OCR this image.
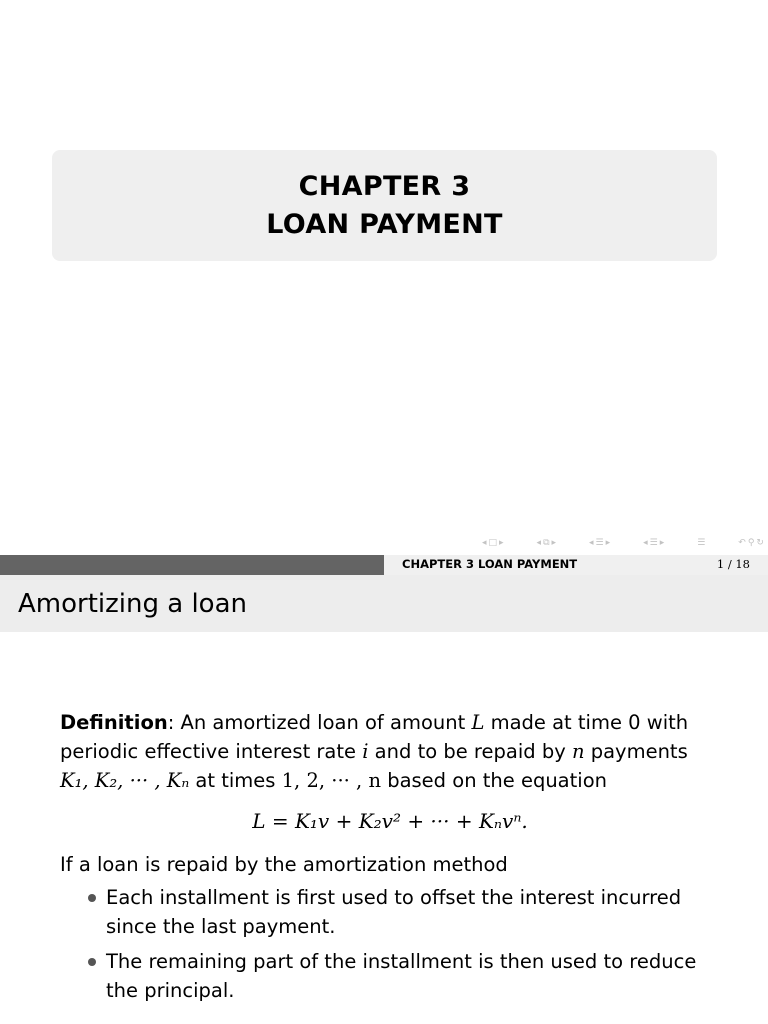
CHAPTER 3
LOAN PAYMENT
◂ □ ▸	◂ ⧉ ▸	◂ ☰ ▸	◂ ☰ ▸	☰	↶ ⚲ ↻
CHAPTER 3 LOAN PAYMENT	1 / 18
Amortizing a loan
Definition: An amortized loan of amount L made at time 0 with periodic effective interest rate i and to be repaid by n payments K₁, K₂, ··· , Kₙ at times 1, 2, ··· , n based on the equation
L = K₁v + K₂v² + ··· + Kₙvⁿ.
If a loan is repaid by the amortization method
Each installment is first used to offset the interest incurred since the last payment.
The remaining part of the installment is then used to reduce the principal.
